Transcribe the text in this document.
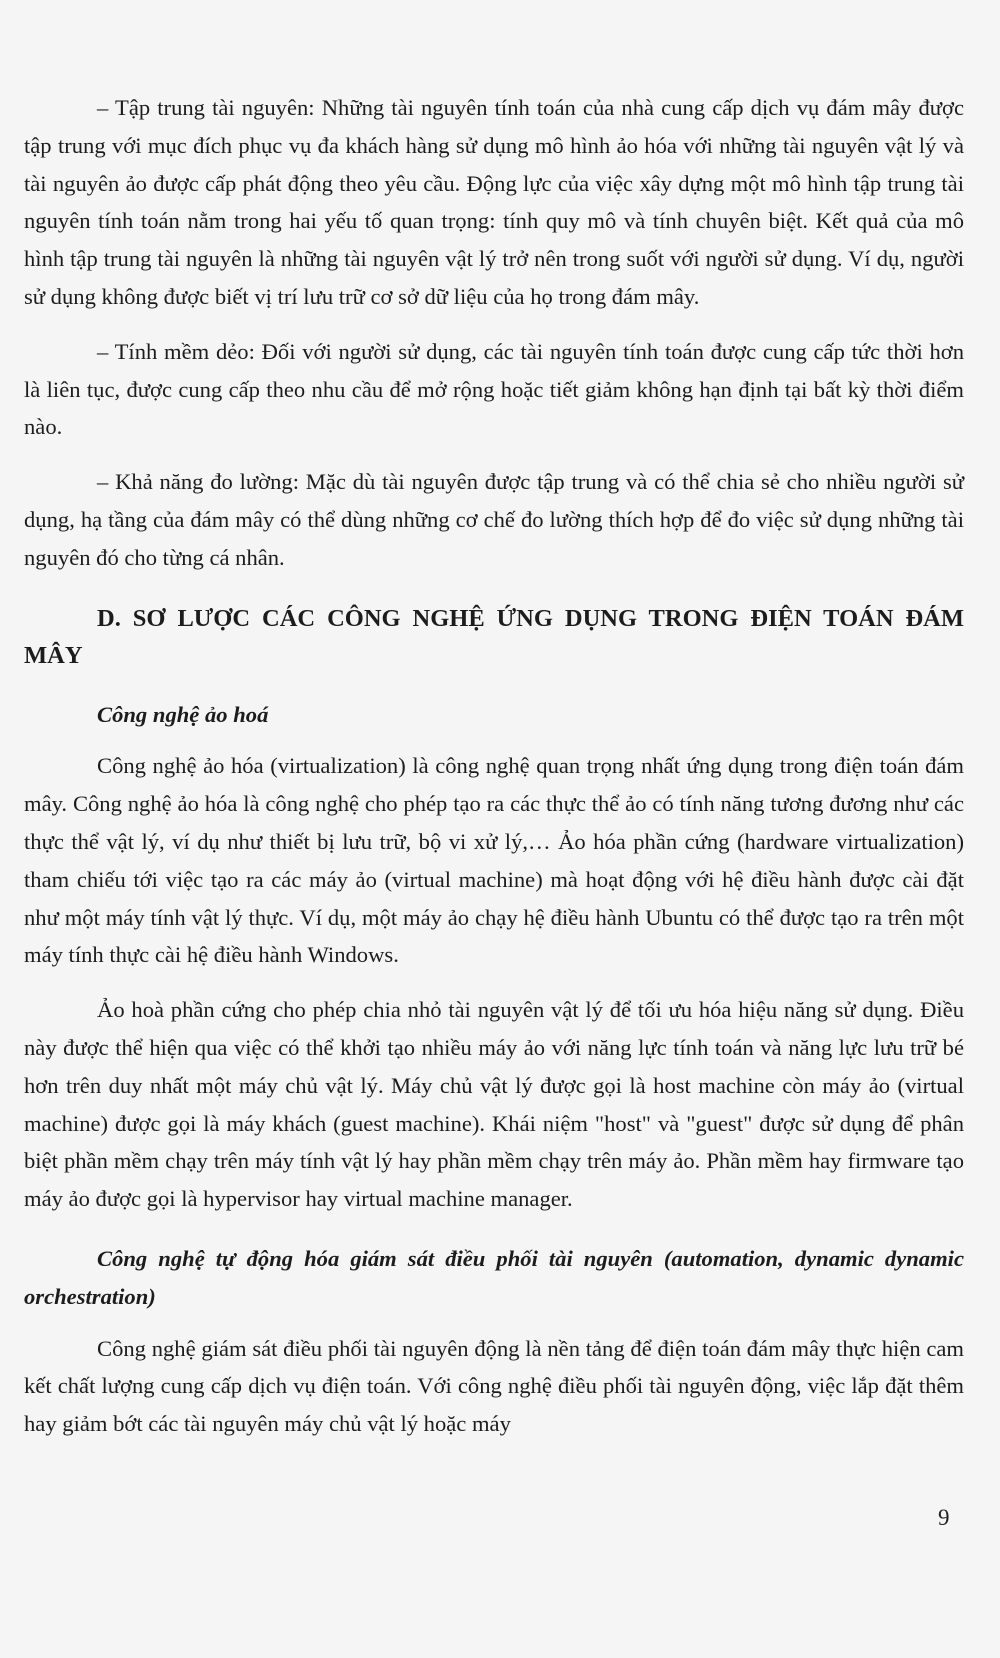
– Tập trung tài nguyên: Những tài nguyên tính toán của nhà cung cấp dịch vụ đám mây được tập trung với mục đích phục vụ đa khách hàng sử dụng mô hình ảo hóa với những tài nguyên vật lý và tài nguyên ảo được cấp phát động theo yêu cầu. Động lực của việc xây dựng một mô hình tập trung tài nguyên tính toán nằm trong hai yếu tố quan trọng: tính quy mô và tính chuyên biệt. Kết quả của mô hình tập trung tài nguyên là những tài nguyên vật lý trở nên trong suốt với người sử dụng. Ví dụ, người sử dụng không được biết vị trí lưu trữ cơ sở dữ liệu của họ trong đám mây.

– Tính mềm dẻo: Đối với người sử dụng, các tài nguyên tính toán được cung cấp tức thời hơn là liên tục, được cung cấp theo nhu cầu để mở rộng hoặc tiết giảm không hạn định tại bất kỳ thời điểm nào.

– Khả năng đo lường: Mặc dù tài nguyên được tập trung và có thể chia sẻ cho nhiều người sử dụng, hạ tầng của đám mây có thể dùng những cơ chế đo lường thích hợp để đo việc sử dụng những tài nguyên đó cho từng cá nhân.

D. SƠ LƯỢC CÁC CÔNG NGHỆ ỨNG DỤNG TRONG ĐIỆN TOÁN ĐÁM MÂY
Công nghệ ảo hoá

Công nghệ ảo hóa (virtualization) là công nghệ quan trọng nhất ứng dụng trong điện toán đám mây. Công nghệ ảo hóa là công nghệ cho phép tạo ra các thực thể ảo có tính năng tương đương như các thực thể vật lý, ví dụ như thiết bị lưu trữ, bộ vi xử lý,… Ảo hóa phần cứng (hardware virtualization) tham chiếu tới việc tạo ra các máy ảo (virtual machine) mà hoạt động với hệ điều hành được cài đặt như một máy tính vật lý thực. Ví dụ, một máy ảo chạy hệ điều hành Ubuntu có thể được tạo ra trên một máy tính thực cài hệ điều hành Windows.

Ảo hoà phần cứng cho phép chia nhỏ tài nguyên vật lý để tối ưu hóa hiệu năng sử dụng. Điều này được thể hiện qua việc có thể khởi tạo nhiều máy ảo với năng lực tính toán và năng lực lưu trữ bé hơn trên duy nhất một máy chủ vật lý. Máy chủ vật lý được gọi là host machine còn máy ảo (virtual machine) được gọi là máy khách (guest machine). Khái niệm "host" và "guest" được sử dụng để phân biệt phần mềm chạy trên máy tính vật lý hay phần mềm chạy trên máy ảo. Phần mềm hay firmware tạo máy ảo được gọi là hypervisor hay virtual machine manager.

Công nghệ tự động hóa giám sát điều phối tài nguyên (automation, dynamic dynamic orchestration)

Công nghệ giám sát điều phối tài nguyên động là nền tảng để điện toán đám mây thực hiện cam kết chất lượng cung cấp dịch vụ điện toán. Với công nghệ điều phối tài nguyên động, việc lắp đặt thêm hay giảm bớt các tài nguyên máy chủ vật lý hoặc máy

9
